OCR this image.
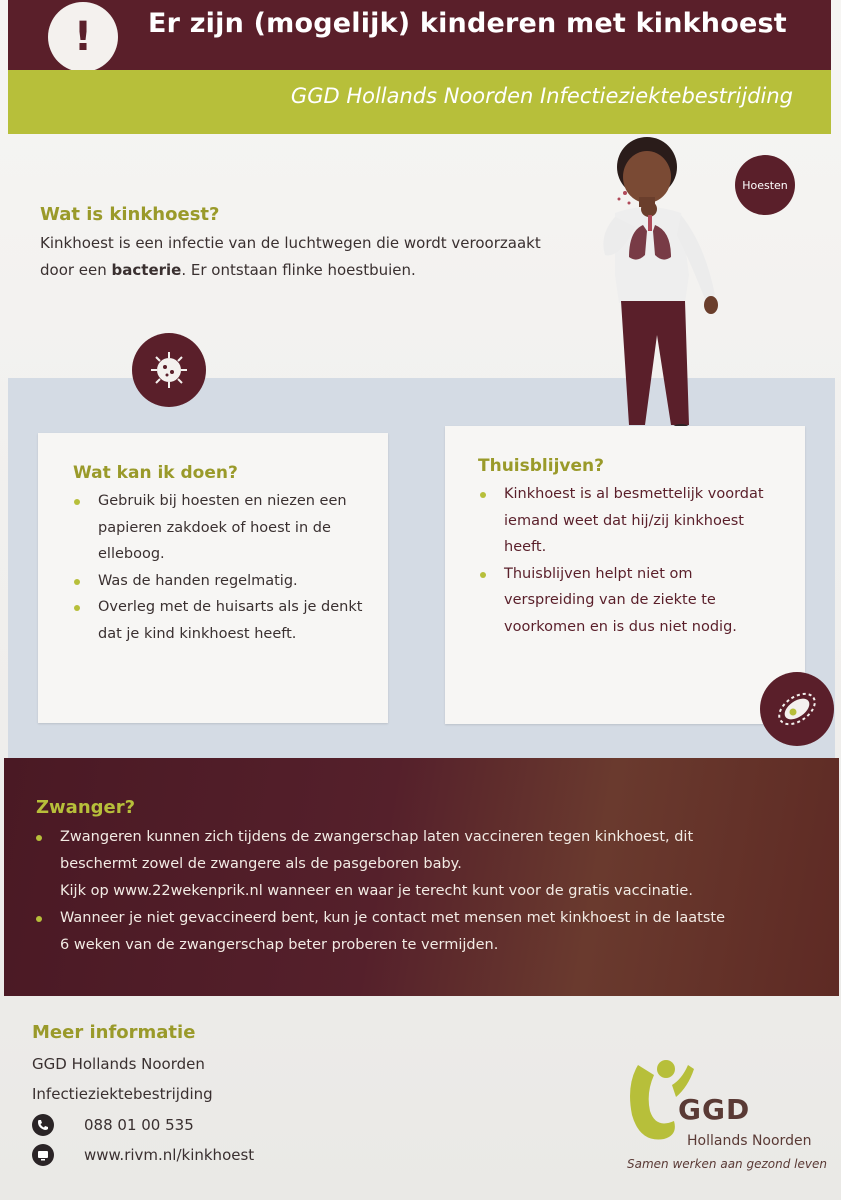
!	Er zijn (mogelijk) kinderen met kinkhoest
GGD Hollands Noorden Infectieziektebestrijding
Wat is kinkhoest?
Kinkhoest is een infectie van de luchtwegen die wordt veroorzaakt door een bacterie. Er ontstaan flinke hoestbuien.
Hoesten
Wat kan ik doen?
Gebruik bij hoesten en niezen een papieren zakdoek of hoest in de elleboog.
Was de handen regelmatig.
Overleg met de huisarts als je denkt dat je kind kinkhoest heeft.
Thuisblijven?
Kinkhoest is al besmettelijk voordat iemand weet dat hij/zij kinkhoest heeft.
Thuisblijven helpt niet om verspreiding van de ziekte te voorkomen en is dus niet nodig.
Zwanger?
Zwangeren kunnen zich tijdens de zwangerschap laten vaccineren tegen kinkhoest, dit
beschermt zowel de zwangere als de pasgeboren baby.
Kijk op www.22wekenprik.nl wanneer en waar je terecht kunt voor de gratis vaccinatie.
Wanneer je niet gevaccineerd bent, kun je contact met mensen met kinkhoest in de laatste
6 weken van de zwangerschap beter proberen te vermijden.
Meer informatie
GGD Hollands Noorden
Infectieziektebestrijding
088 01 00 535
www.rivm.nl/kinkhoest
GGD
Hollands Noorden
Samen werken aan gezond leven
